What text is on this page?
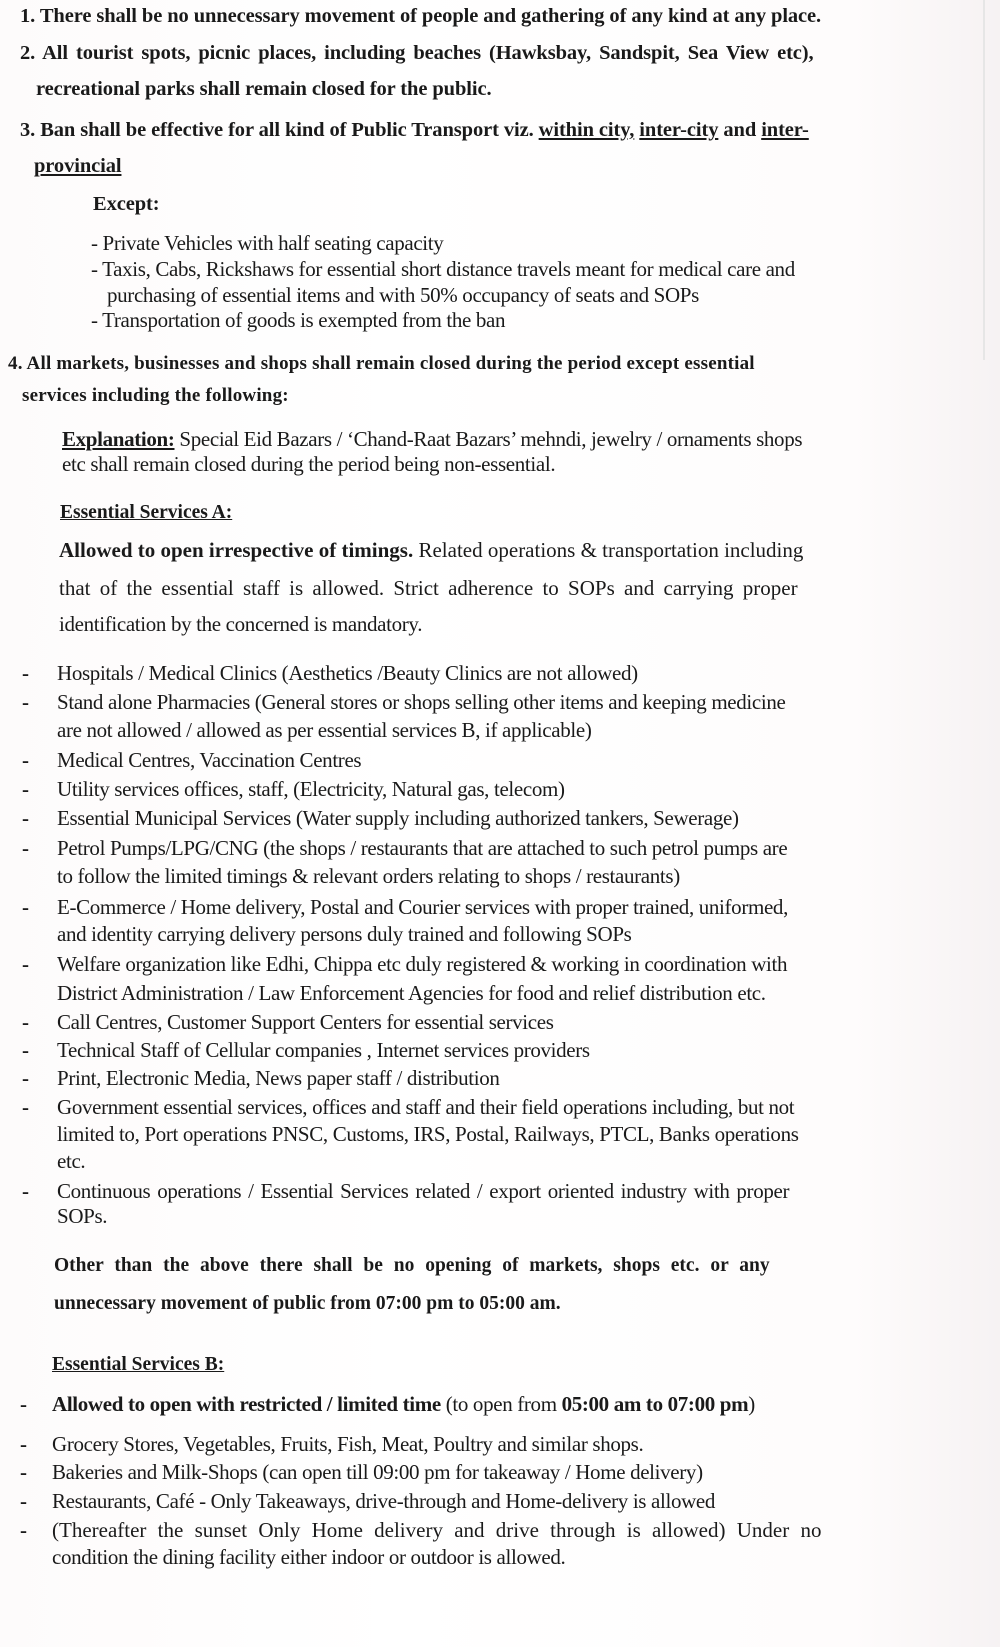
1. There shall be no unnecessary movement of people and gathering of any kind at any place.
2. All tourist spots, picnic places, including beaches (Hawksbay, Sandspit, Sea View etc),
recreational parks shall remain closed for the public.
3. Ban shall be effective for all kind of Public Transport viz. within city, inter-city and inter-
provincial
Except:
- Private Vehicles with half seating capacity
- Taxis, Cabs, Rickshaws for essential short distance travels meant for medical care and
purchasing of essential items and with 50% occupancy of seats and SOPs
- Transportation of goods is exempted from the ban
4. All markets, businesses and shops shall remain closed during the period except essential
services including the following:
Explanation: Special Eid Bazars / ‘Chand-Raat Bazars’ mehndi, jewelry / ornaments shops
etc shall remain closed during the period being non-essential.
Essential Services A:
Allowed to open irrespective of timings. Related operations & transportation including
that of the essential staff is allowed. Strict adherence to SOPs and carrying proper
identification by the concerned is mandatory.
- Hospitals / Medical Clinics (Aesthetics /Beauty Clinics are not allowed)
- Stand alone Pharmacies (General stores or shops selling other items and keeping medicine
are not allowed / allowed as per essential services B, if applicable)
- Medical Centres, Vaccination Centres
- Utility services offices, staff, (Electricity, Natural gas, telecom)
- Essential Municipal Services (Water supply including authorized tankers, Sewerage)
- Petrol Pumps/LPG/CNG (the shops / restaurants that are attached to such petrol pumps are
to follow the limited timings & relevant orders relating to shops / restaurants)
- E-Commerce / Home delivery, Postal and Courier services with proper trained, uniformed,
and identity carrying delivery persons duly trained and following SOPs
- Welfare organization like Edhi, Chippa etc duly registered & working in coordination with
District Administration / Law Enforcement Agencies for food and relief distribution etc.
- Call Centres, Customer Support Centers for essential services
- Technical Staff of Cellular companies , Internet services providers
- Print, Electronic Media, News paper staff / distribution
- Government essential services, offices and staff and their field operations including, but not
limited to, Port operations PNSC, Customs, IRS, Postal, Railways, PTCL, Banks operations
etc.
- Continuous operations / Essential Services related / export oriented industry with proper
SOPs.
Other than the above there shall be no opening of markets, shops etc. or any
unnecessary movement of public from 07:00 pm to 05:00 am.
Essential Services B:
- Allowed to open with restricted / limited time (to open from 05:00 am to 07:00 pm)
- Grocery Stores, Vegetables, Fruits, Fish, Meat, Poultry and similar shops.
- Bakeries and Milk-Shops (can open till 09:00 pm for takeaway / Home delivery)
- Restaurants, Café - Only Takeaways, drive-through and Home-delivery is allowed
- (Thereafter the sunset Only Home delivery and drive through is allowed) Under no
condition the dining facility either indoor or outdoor is allowed.
